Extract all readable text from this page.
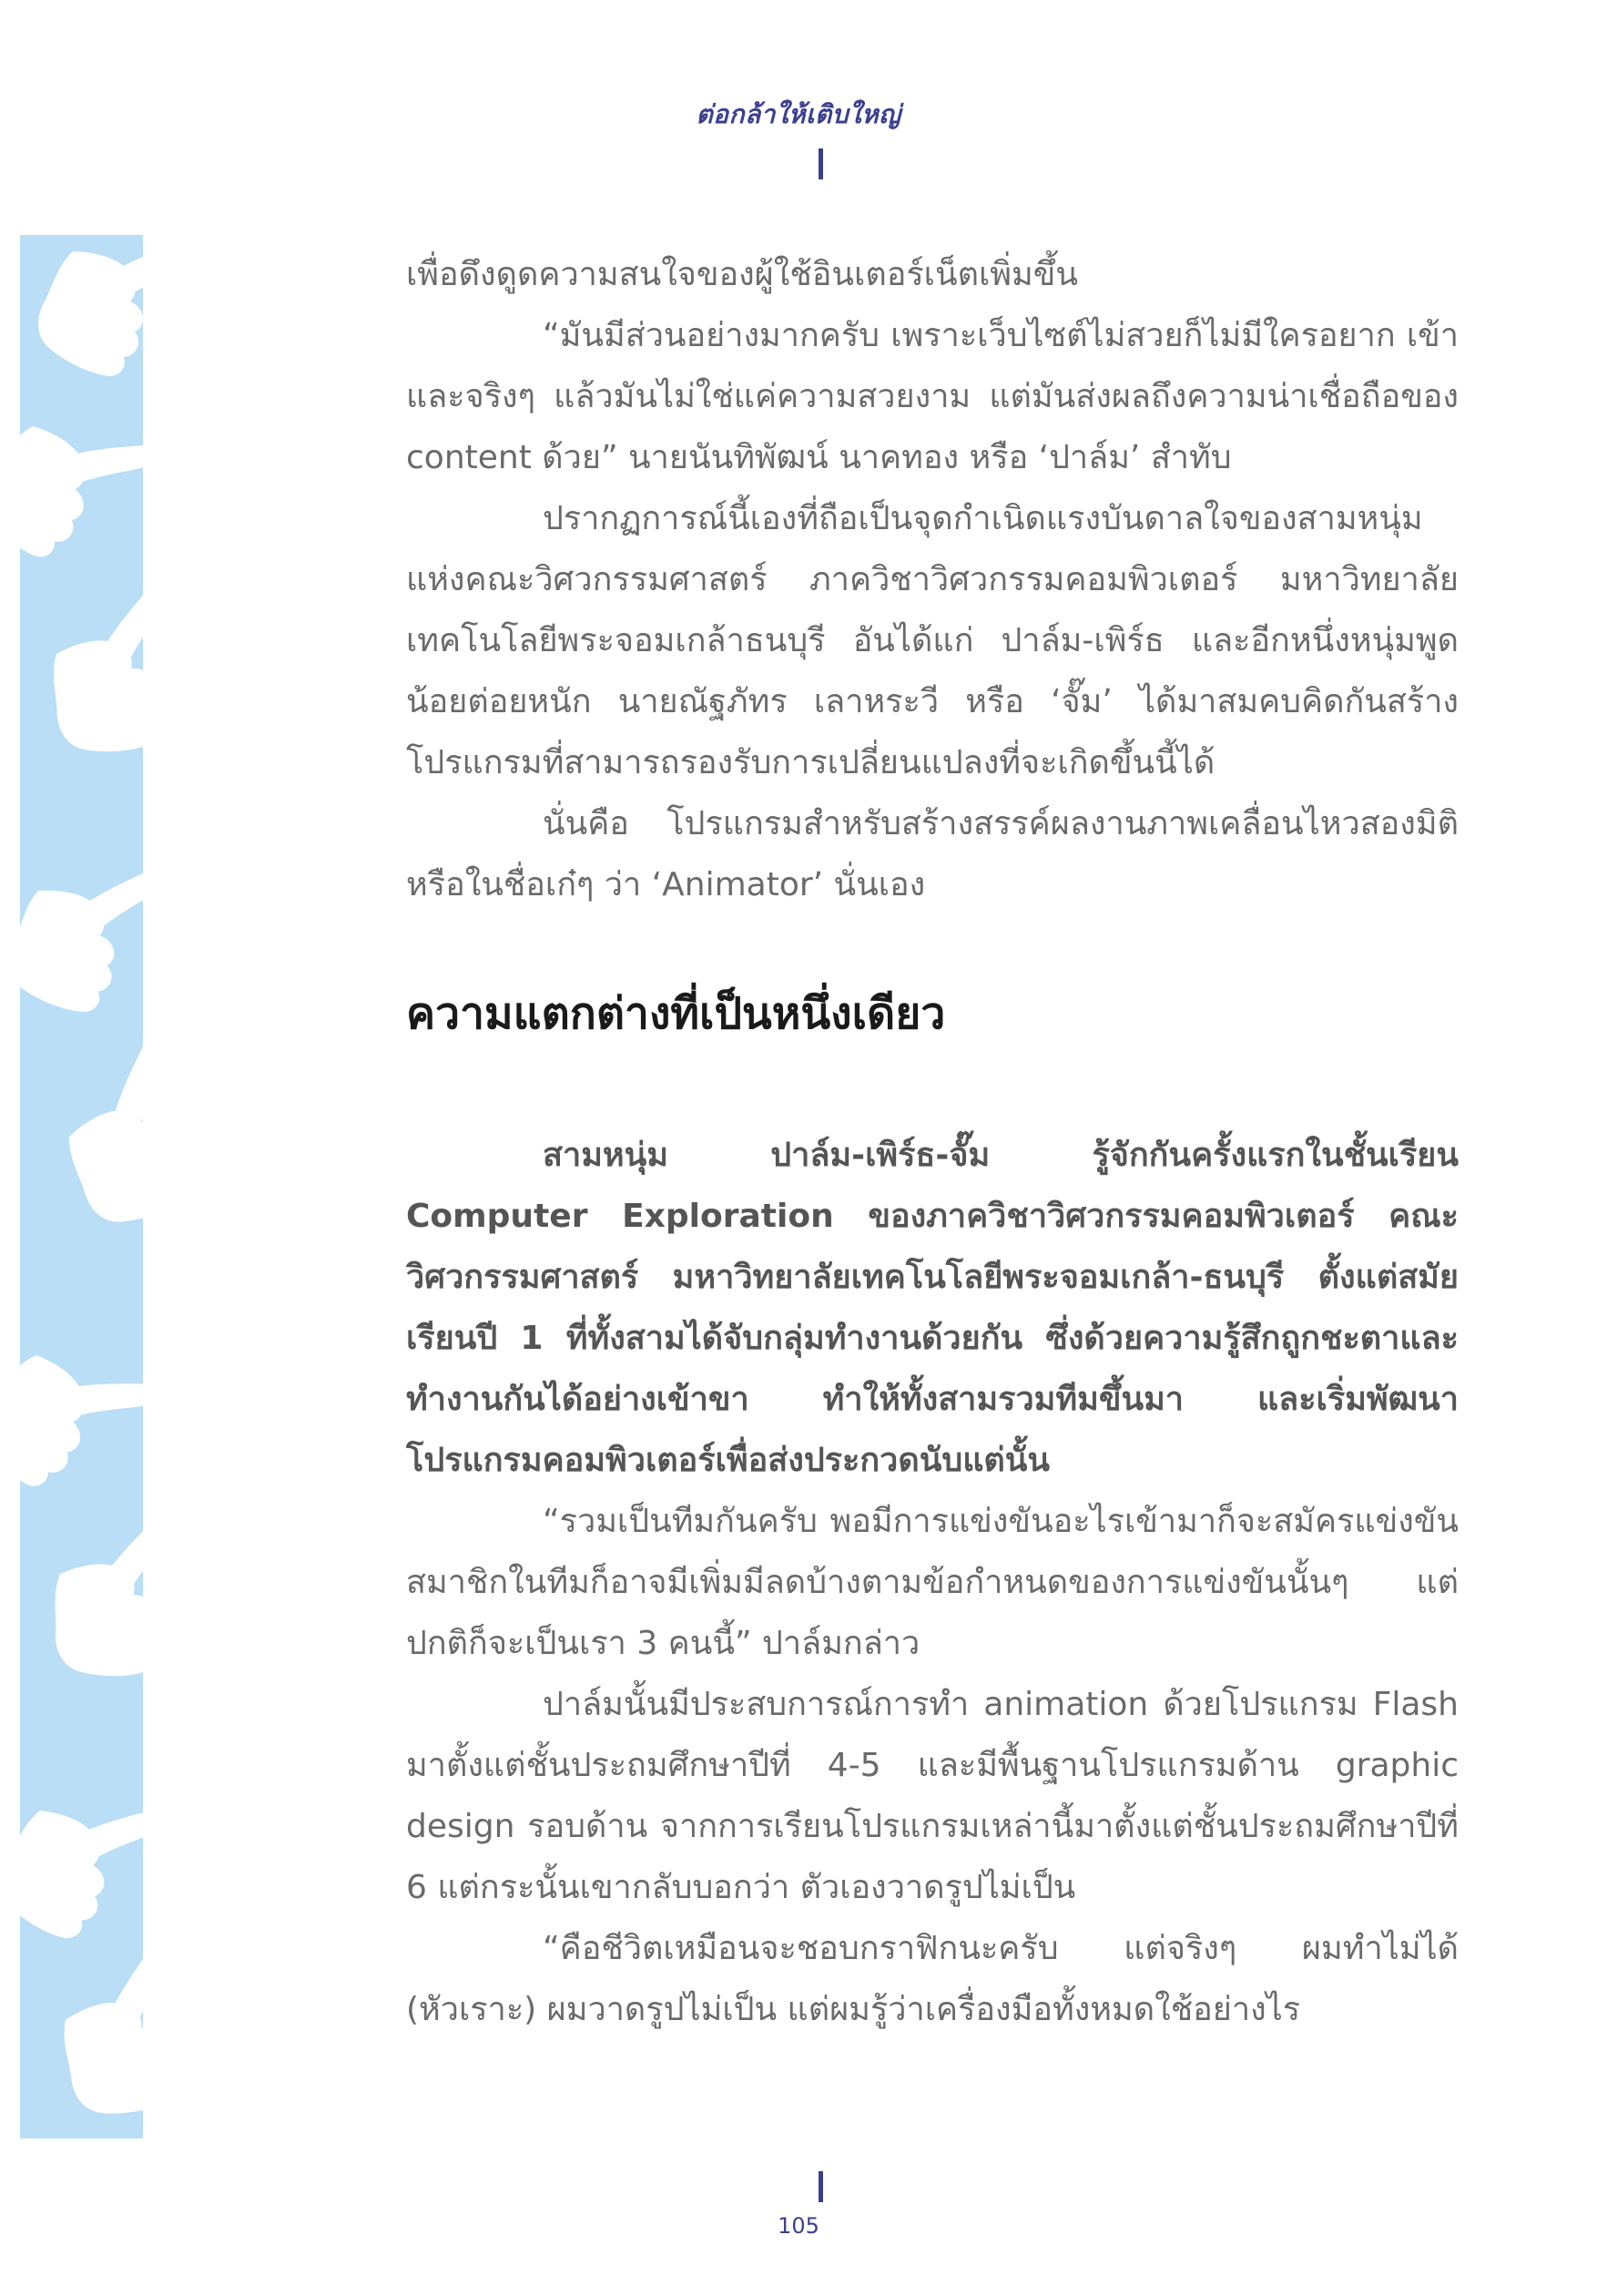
ต่อกล้าให้เติบใหญ่

เพื่อดึงดูดความสนใจของผู้ใช้อินเตอร์เน็ตเพิ่มขึ้น

“มันมีส่วนอย่างมากครับ เพราะเว็บไซต์ไม่สวยก็ไม่มีใครอยาก เข้า และจริงๆ แล้วมันไม่ใช่แค่ความสวยงาม แต่มันส่งผลถึงความน่าเชื่อถือของ content ด้วย” นายนันทิพัฒน์ นาคทอง หรือ ‘ปาล์ม’ สำทับ

ปรากฏการณ์นี้เองที่ถือเป็นจุดกำเนิดแรงบันดาลใจของสามหนุ่มแห่งคณะวิศวกรรมศาสตร์ ภาควิชาวิศวกรรมคอมพิวเตอร์ มหาวิทยาลัยเทคโนโลยีพระจอมเกล้าธนบุรี อันได้แก่ ปาล์ม-เพิร์ธ และอีกหนึ่งหนุ่มพูดน้อยต่อยหนัก นายณัฐภัทร เลาหระวี หรือ ‘จั๊ม’ ได้มาสมคบคิดกันสร้างโปรแกรมที่สามารถรองรับการเปลี่ยนแปลงที่จะเกิดขึ้นนี้ได้

นั่นคือ โปรแกรมสำหรับสร้างสรรค์ผลงานภาพเคลื่อนไหวสองมิติ หรือในชื่อเก๋ๆ ว่า ‘Animator’ นั่นเอง

ความแตกต่างที่เป็นหนึ่งเดียว

สามหนุ่ม ปาล์ม-เพิร์ธ-จั๊ม รู้จักกันครั้งแรกในชั้นเรียน Computer Exploration ของภาควิชาวิศวกรรมคอมพิวเตอร์ คณะวิศวกรรมศาสตร์ มหาวิทยาลัยเทคโนโลยีพระจอมเกล้า-ธนบุรี ตั้งแต่สมัยเรียนปี 1 ที่ทั้งสามได้จับกลุ่มทำงานด้วยกัน ซึ่งด้วยความรู้สึกถูกชะตาและทำงานกันได้อย่างเข้าขา ทำให้ทั้งสามรวมทีมขึ้นมา และเริ่มพัฒนาโปรแกรมคอมพิวเตอร์เพื่อส่งประกวดนับแต่นั้น

“รวมเป็นทีมกันครับ พอมีการแข่งขันอะไรเข้ามาก็จะสมัครแข่งขัน สมาชิกในทีมก็อาจมีเพิ่มมีลดบ้างตามข้อกำหนดของการแข่งขันนั้นๆ แต่ปกติก็จะเป็นเรา 3 คนนี้” ปาล์มกล่าว

ปาล์มนั้นมีประสบการณ์การทำ animation ด้วยโปรแกรม Flash มาตั้งแต่ชั้นประถมศึกษาปีที่ 4-5 และมีพื้นฐานโปรแกรมด้าน graphic design รอบด้าน จากการเรียนโปรแกรมเหล่านี้มาตั้งแต่ชั้นประถมศึกษาปีที่ 6 แต่กระนั้นเขากลับบอกว่า ตัวเองวาดรูปไม่เป็น

“คือชีวิตเหมือนจะชอบกราฟิกนะครับ แต่จริงๆ ผมทำไม่ได้ (หัวเราะ) ผมวาดรูปไม่เป็น แต่ผมรู้ว่าเครื่องมือทั้งหมดใช้อย่างไร

105
